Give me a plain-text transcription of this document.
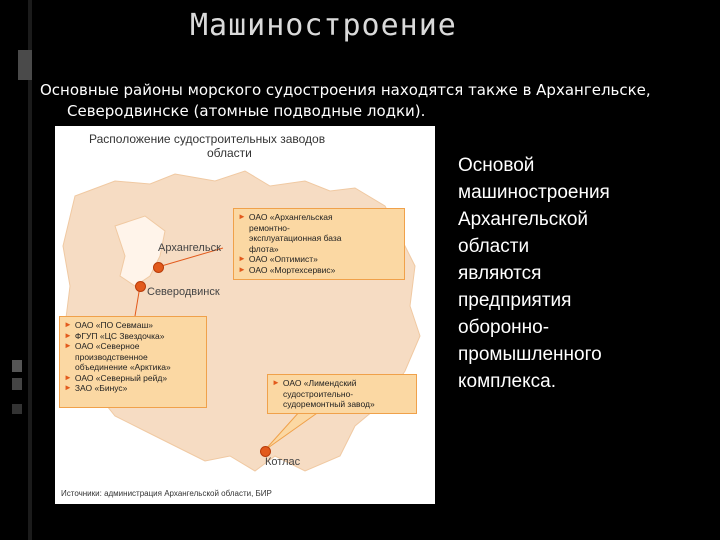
Машиностроение
Основные районы морского судостроения находятся также в Архангельске,
Северодвинске (атомные подводные лодки).
Расположение судостроительных заводов
области
Архангельск
Северодвинск
Котлас
► ОАО «Архангельская
ремонтно-
эксплуатационная база
флота»
► ОАО «Оптимист»
► ОАО «Мортехсервис»
► ОАО «ПО Севмаш»
► ФГУП «ЦС Звездочка»
► ОАО «Северное
производственное
объединение «Арктика»
► ОАО «Северный рейд»
► ЗАО «Бинус»
► ОАО «Лимендский
судостроительно-
судоремонтный завод»
Источники: администрация Архангельской области, БИР
Основой
машиностроения
Архангельской
области
являются
предприятия
оборонно-
промышленного
комплекса.
